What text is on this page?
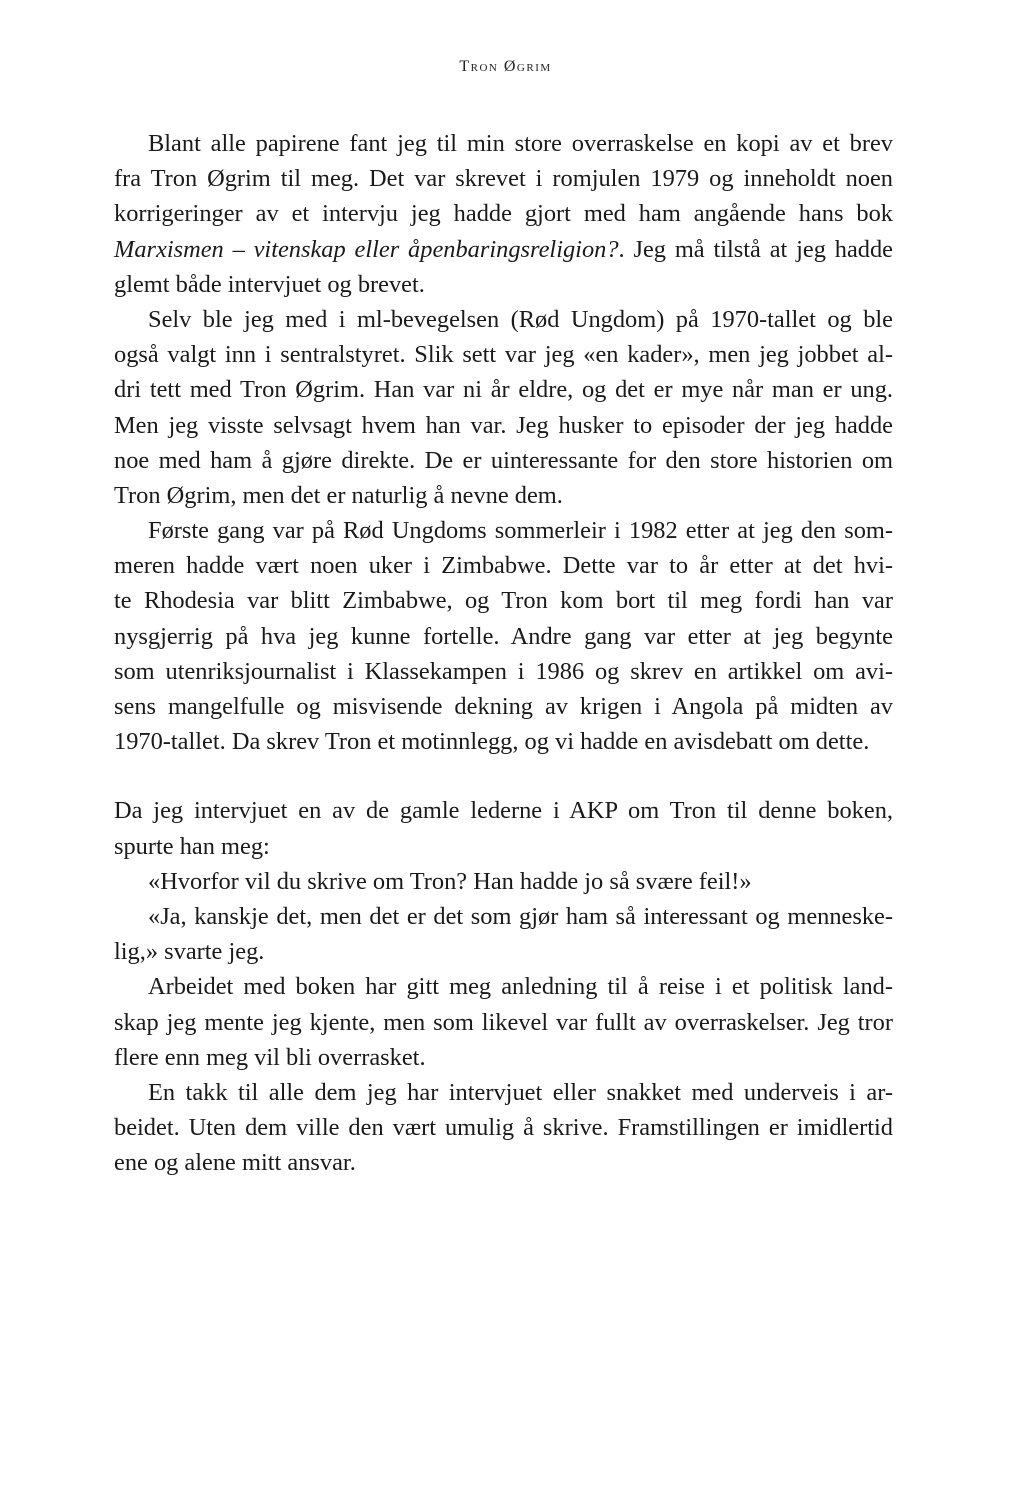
Tron Øgrim
Blant alle papirene fant jeg til min store overraskelse en kopi av et brev
fra Tron Øgrim til meg. Det var skrevet i romjulen 1979 og inneholdt noen
korrigeringer av et intervju jeg hadde gjort med ham angående hans bok
Marxismen – vitenskap eller åpenbaringsreligion?. Jeg må tilstå at jeg hadde
glemt både intervjuet og brevet.
Selv ble jeg med i ml-bevegelsen (Rød Ungdom) på 1970-tallet og ble
også valgt inn i sentralstyret. Slik sett var jeg «en kader», men jeg jobbet al-
dri tett med Tron Øgrim. Han var ni år eldre, og det er mye når man er ung.
Men jeg visste selvsagt hvem han var. Jeg husker to episoder der jeg hadde
noe med ham å gjøre direkte. De er uinteressante for den store historien om
Tron Øgrim, men det er naturlig å nevne dem.
Første gang var på Rød Ungdoms sommerleir i 1982 etter at jeg den som-
meren hadde vært noen uker i Zimbabwe. Dette var to år etter at det hvi-
te Rhodesia var blitt Zimbabwe, og Tron kom bort til meg fordi han var
nysgjerrig på hva jeg kunne fortelle. Andre gang var etter at jeg begynte
som utenriksjournalist i Klassekampen i 1986 og skrev en artikkel om avi-
sens mangelfulle og misvisende dekning av krigen i Angola på midten av
1970-tallet. Da skrev Tron et motinnlegg, og vi hadde en avisdebatt om dette.
Da jeg intervjuet en av de gamle lederne i AKP om Tron til denne boken,
spurte han meg:
«Hvorfor vil du skrive om Tron? Han hadde jo så svære feil!»
«Ja, kanskje det, men det er det som gjør ham så interessant og menneske-
lig,» svarte jeg.
Arbeidet med boken har gitt meg anledning til å reise i et politisk land-
skap jeg mente jeg kjente, men som likevel var fullt av overraskelser. Jeg tror
flere enn meg vil bli overrasket.
En takk til alle dem jeg har intervjuet eller snakket med underveis i ar-
beidet. Uten dem ville den vært umulig å skrive. Framstillingen er imidlertid
ene og alene mitt ansvar.
